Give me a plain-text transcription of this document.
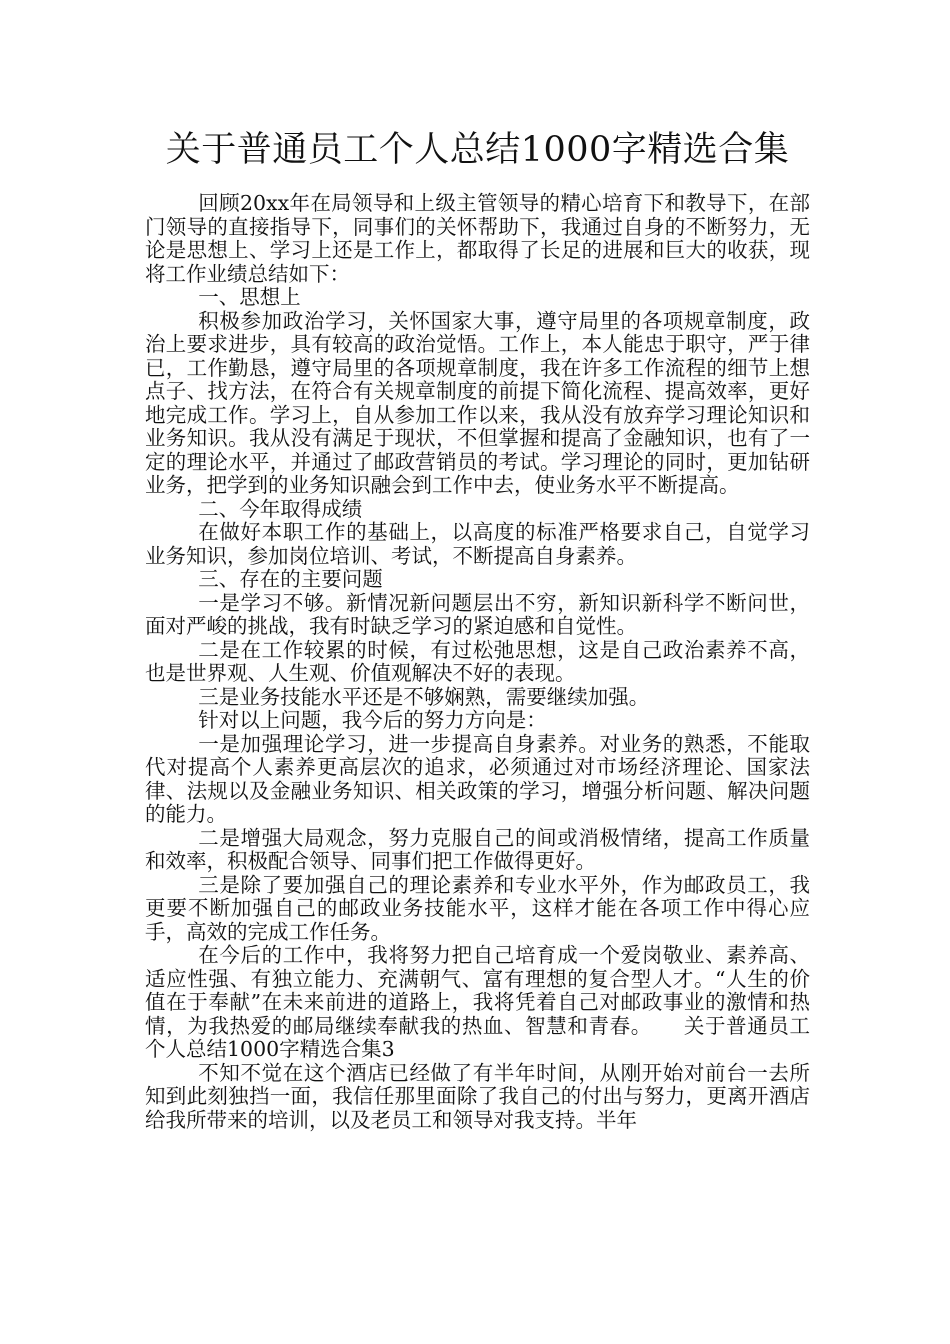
关于普通员工个人总结1000字精选合集

回顾20xx年在局领导和上级主管领导的精心培育下和教导下，在部门领导的直接指导下，同事们的关怀帮助下，我通过自身的不断努力，无论是思想上、学习上还是工作上，都取得了长足的进展和巨大的收获，现将工作业绩总结如下：

一、思想上

积极参加政治学习，关怀国家大事，遵守局里的各项规章制度，政治上要求进步，具有较高的政治觉悟。工作上，本人能忠于职守，严于律已，工作勤恳，遵守局里的各项规章制度，我在许多工作流程的细节上想点子、找方法，在符合有关规章制度的前提下简化流程、提高效率，更好地完成工作。学习上，自从参加工作以来，我从没有放弃学习理论知识和业务知识。我从没有满足于现状，不但掌握和提高了金融知识，也有了一定的理论水平，并通过了邮政营销员的考试。学习理论的同时，更加钻研业务，把学到的业务知识融会到工作中去，使业务水平不断提高。

二、今年取得成绩

在做好本职工作的基础上，以高度的标准严格要求自己，自觉学习业务知识，参加岗位培训、考试，不断提高自身素养。

三、存在的主要问题

一是学习不够。新情况新问题层出不穷，新知识新科学不断问世，面对严峻的挑战，我有时缺乏学习的紧迫感和自觉性。

二是在工作较累的时候，有过松弛思想，这是自己政治素养不高，也是世界观、人生观、价值观解决不好的表现。

三是业务技能水平还是不够娴熟，需要继续加强。

针对以上问题，我今后的努力方向是：

一是加强理论学习，进一步提高自身素养。对业务的熟悉，不能取代对提高个人素养更高层次的追求，必须通过对市场经济理论、国家法律、法规以及金融业务知识、相关政策的学习，增强分析问题、解决问题的能力。

二是增强大局观念，努力克服自己的间或消极情绪，提高工作质量和效率，积极配合领导、同事们把工作做得更好。

三是除了要加强自己的理论素养和专业水平外，作为邮政员工，我更要不断加强自己的邮政业务技能水平，这样才能在各项工作中得心应手，高效的完成工作任务。

在今后的工作中，我将努力把自己培育成一个爱岗敬业、素养高、适应性强、有独立能力、充满朝气、富有理想的复合型人才。“人生的价值在于奉献”在未来前进的道路上，我将凭着自己对邮政事业的激情和热情，为我热爱的邮局继续奉献我的热血、智慧和青春。　　关于普通员工个人总结1000字精选合集3

不知不觉在这个酒店已经做了有半年时间，从刚开始对前台一去所知到此刻独挡一面，我信任那里面除了我自己的付出与努力，更离开酒店给我所带来的培训，以及老员工和领导对我支持。半年
